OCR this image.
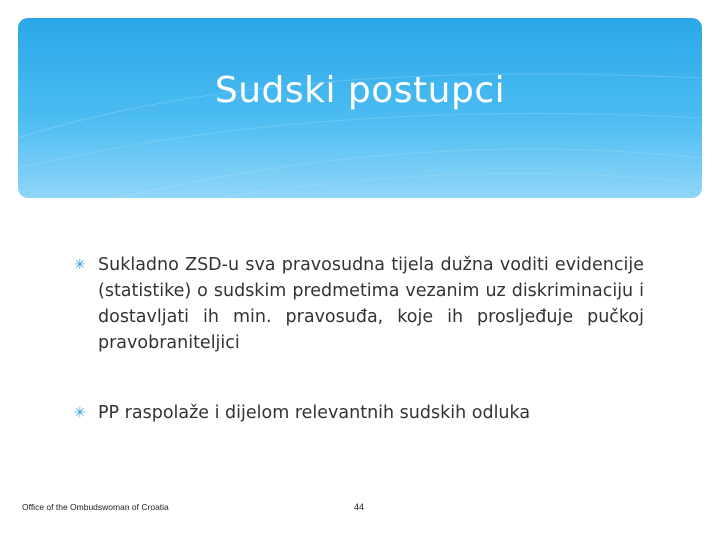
Sudski postupci
✳ Sukladno ZSD-u sva pravosudna tijela dužna voditi evidencije (statistike) o sudskim predmetima vezanim uz diskriminaciju i dostavljati ih min. pravosuđa, koje ih prosljeđuje pučkoj pravobraniteljici
✳ PP raspolaže i dijelom relevantnih sudskih odluka
Office of the Ombudswoman of Croatia	44
